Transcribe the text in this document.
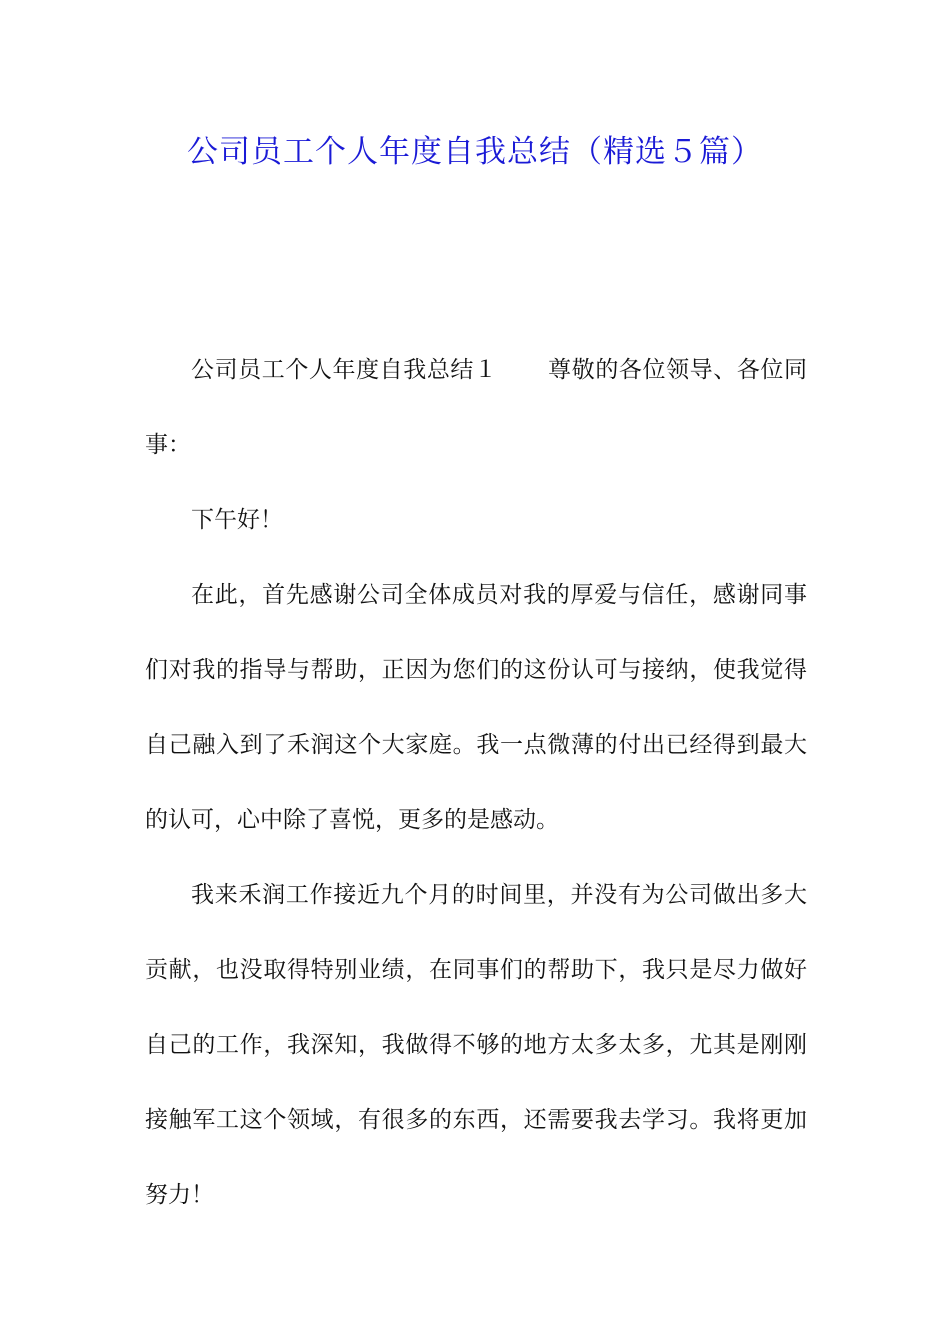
公司员工个人年度自我总结（精选５篇）

公司员工个人年度自我总结１ 尊敬的各位领导、各位同事：

下午好！

在此，首先感谢公司全体成员对我的厚爱与信任，感谢同事们对我的指导与帮助，正因为您们的这份认可与接纳，使我觉得自己融入到了禾润这个大家庭。我一点微薄的付出已经得到最大的认可，心中除了喜悦，更多的是感动。

我来禾润工作接近九个月的时间里，并没有为公司做出多大贡献，也没取得特别业绩，在同事们的帮助下，我只是尽力做好自己的工作，我深知，我做得不够的地方太多太多，尤其是刚刚接触军工这个领域，有很多的东西，还需要我去学习。我将更加努力！
